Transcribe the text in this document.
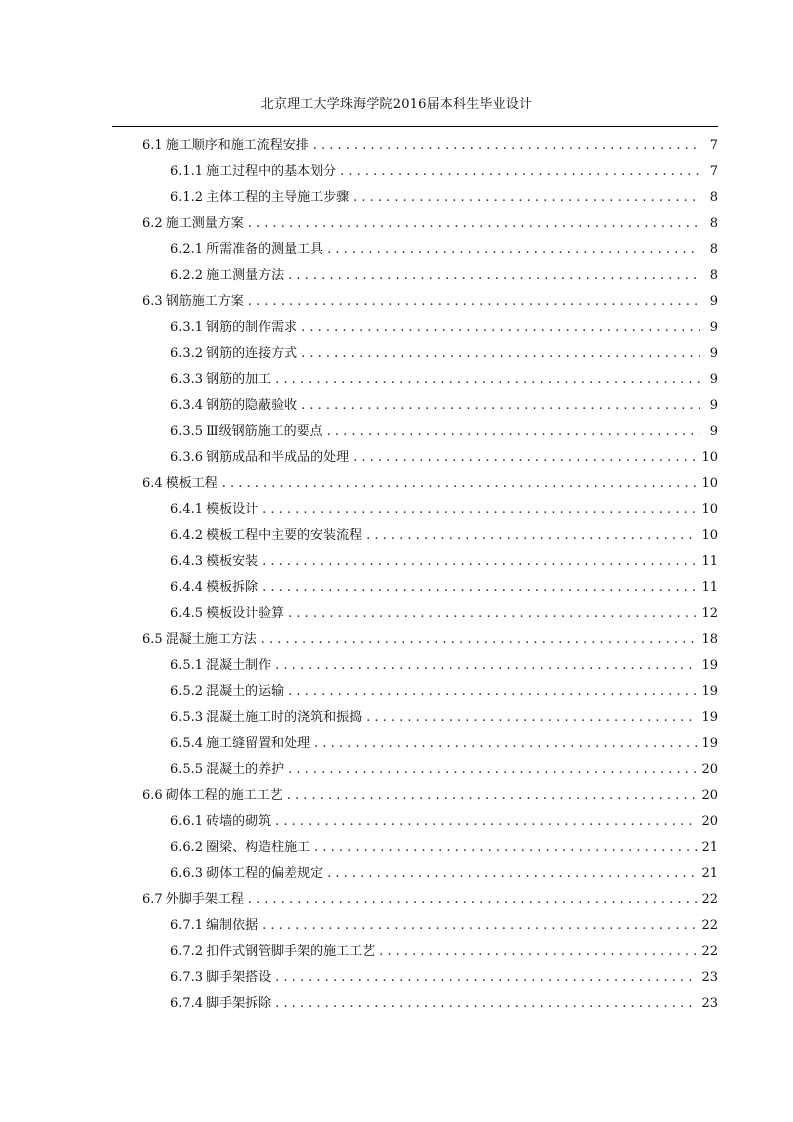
北京理工大学珠海学院2016届本科生毕业设计
6.1 施工顺序和施工流程安排 . . .	7
6.1.1 施工过程中的基本划分 . . .	7
6.1.2 主体工程的主导施工步骤 . . .	8
6.2 施工测量方案 . . .	8
6.2.1 所需准备的测量工具 . . .	8
6.2.2 施工测量方法 . . .	8
6.3 钢筋施工方案 . . .	9
6.3.1 钢筋的制作需求 . . .	9
6.3.2 钢筋的连接方式 . . .	9
6.3.3 钢筋的加工 . . .	9
6.3.4 钢筋的隐蔽验收 . . .	9
6.3.5 Ⅲ级钢筋施工的要点 . . .	9
6.3.6 钢筋成品和半成品的处理 . . .	10
6.4 模板工程 . . .	10
6.4.1 模板设计 . . .	10
6.4.2 模板工程中主要的安装流程 . . .	10
6.4.3 模板安装 . . .	11
6.4.4 模板拆除 . . .	11
6.4.5 模板设计验算 . . .	12
6.5 混凝土施工方法 . . .	18
6.5.1 混凝土制作 . . .	19
6.5.2 混凝土的运输 . . .	19
6.5.3 混凝土施工时的浇筑和振捣 . . .	19
6.5.4 施工缝留置和处理 . . .	19
6.5.5 混凝土的养护 . . .	20
6.6 砌体工程的施工工艺 . . .	20
6.6.1 砖墙的砌筑 . . .	20
6.6.2 圈梁、构造柱施工 . . .	21
6.6.3 砌体工程的偏差规定 . . .	21
6.7 外脚手架工程 . . .	22
6.7.1 编制依据 . . .	22
6.7.2 扣件式钢管脚手架的施工工艺 . . .	22
6.7.3 脚手架搭设 . . .	23
6.7.4 脚手架拆除 . . .	23
